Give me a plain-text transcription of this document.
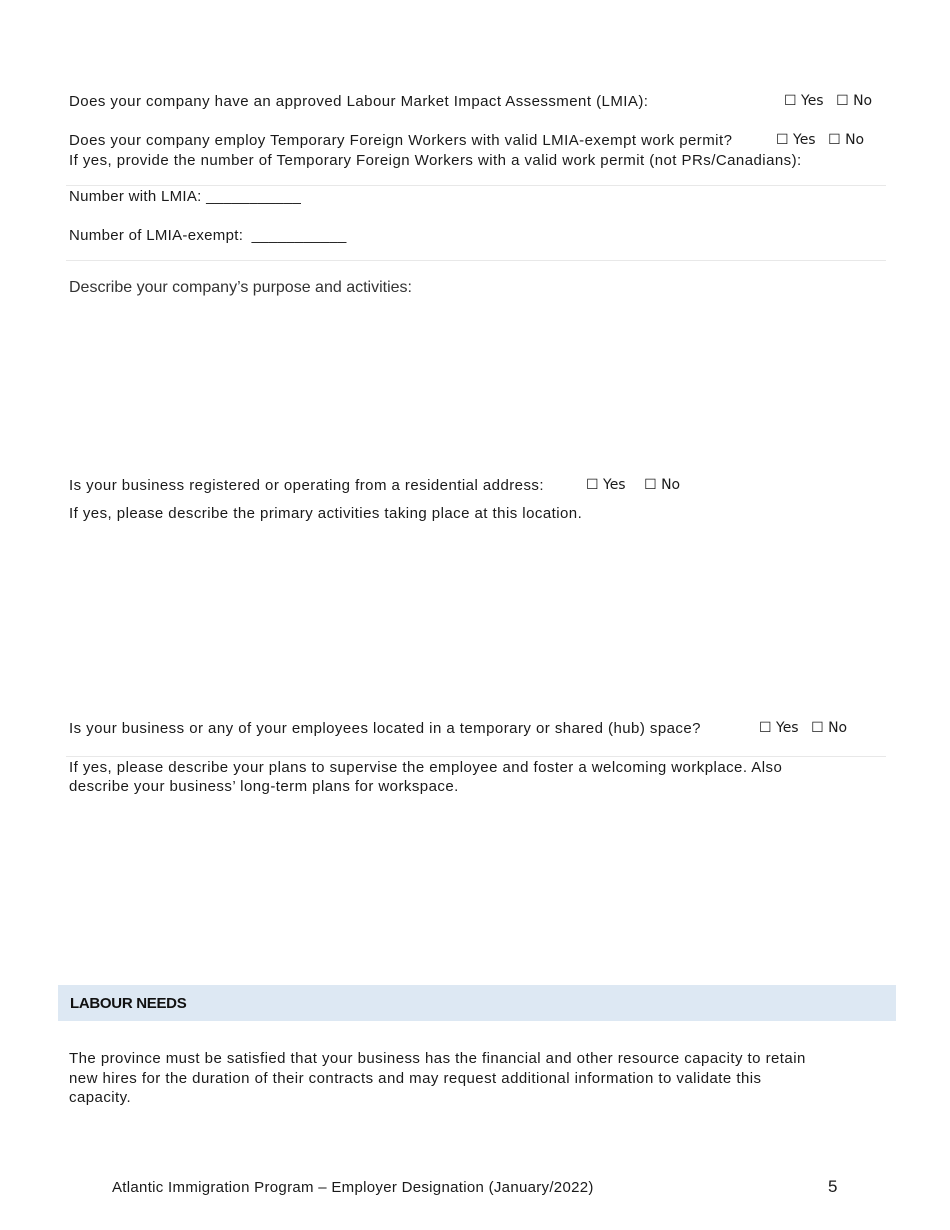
Does your company have an approved Labour Market Impact Assessment (LMIA):	☐ Yes ☐ No
Does your company employ Temporary Foreign Workers with valid LMIA-exempt work permit?	☐ Yes ☐ No
If yes, provide the number of Temporary Foreign Workers with a valid work permit (not PRs/Canadians):
Number with LMIA: ___________
Number of LMIA-exempt: ___________
Describe your company’s purpose and activities:
Is your business registered or operating from a residential address:	☐ Yes ☐ No
If yes, please describe the primary activities taking place at this location.
Is your business or any of your employees located in a temporary or shared (hub) space?	☐ Yes ☐ No
If yes, please describe your plans to supervise the employee and foster a welcoming workplace. Also
describe your business’ long-term plans for workspace.
LABOUR NEEDS
The province must be satisfied that your business has the financial and other resource capacity to retain
new hires for the duration of their contracts and may request additional information to validate this
capacity.
Atlantic Immigration Program – Employer Designation (January/2022)	5
